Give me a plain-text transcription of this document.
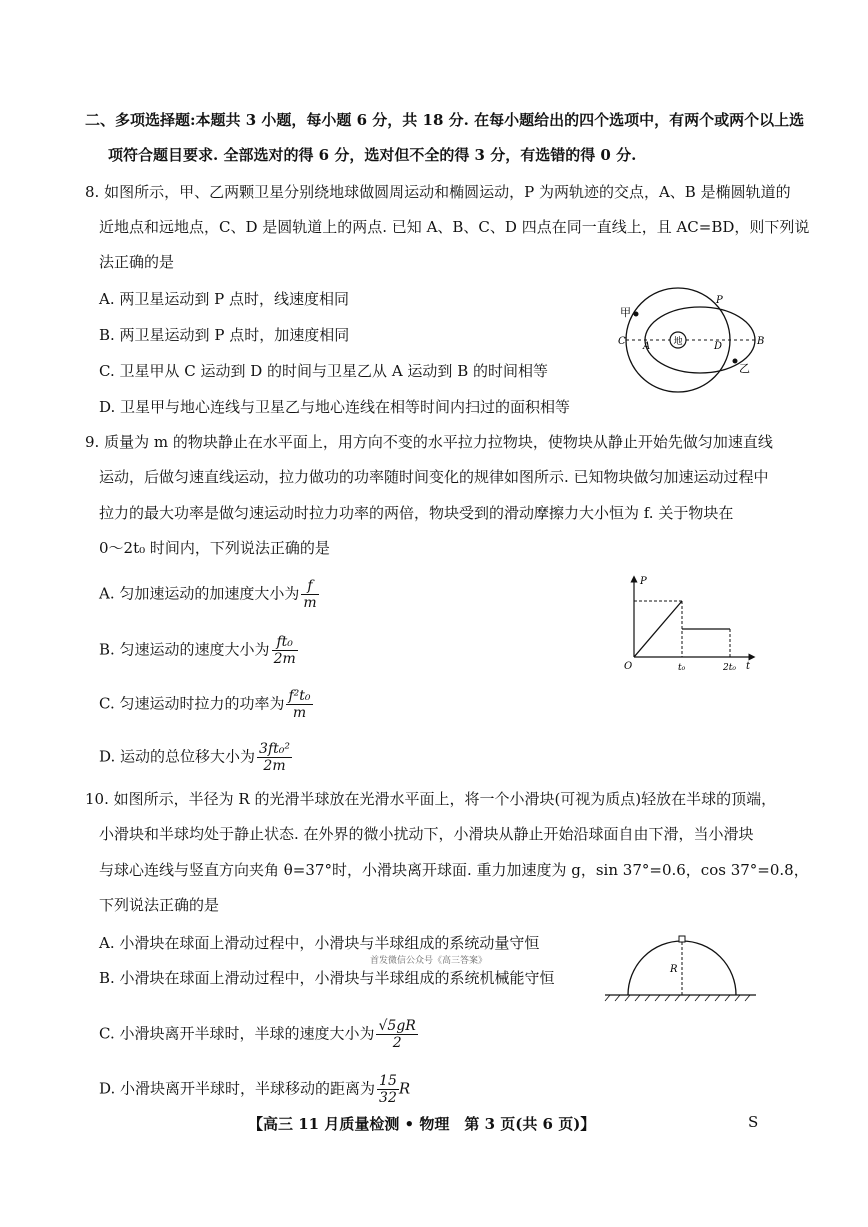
二、多项选择题:本题共 3 小题，每小题 6 分，共 18 分. 在每小题给出的四个选项中，有两个或两个以上选
项符合题目要求. 全部选对的得 6 分，选对但不全的得 3 分，有选错的得 0 分.
8. 如图所示，甲、乙两颗卫星分别绕地球做圆周运动和椭圆运动，P 为两轨迹的交点，A、B 是椭圆轨道的
近地点和远地点，C、D 是圆轨道上的两点. 已知 A、B、C、D 四点在同一直线上，且 AC=BD，则下列说
法正确的是
A. 两卫星运动到 P 点时，线速度相同
B. 两卫星运动到 P 点时，加速度相同
C. 卫星甲从 C 运动到 D 的时间与卫星乙从 A 运动到 B 的时间相等
D. 卫星甲与地心连线与卫星乙与地心连线在相等时间内扫过的面积相等
地
甲
乙
P
C A	D	B
9. 质量为 m 的物块静止在水平面上，用方向不变的水平拉力拉物块，使物块从静止开始先做匀加速直线
运动，后做匀速直线运动，拉力做功的功率随时间变化的规律如图所示. 已知物块做匀加速运动过程中
拉力的最大功率是做匀速运动时拉力功率的两倍，物块受到的滑动摩擦力大小恒为 f. 关于物块在
0～2t₀ 时间内，下列说法正确的是
A. 匀加速运动的加速度大小为 $\frac{f}{m}$
B. 匀速运动的速度大小为 $\frac{\text{ft₀}}{2m}$
C. 匀速运动时拉力的功率为 $\frac{\text{f²t₀}}{m}$
D. 运动的总位移大小为 $\frac{\text{3ft₀²}}{2m}$
P
O	t₀	2t₀ t
10. 如图所示，半径为 R 的光滑半球放在光滑水平面上，将一个小滑块(可视为质点)轻放在半球的顶端，
小滑块和半球均处于静止状态. 在外界的微小扰动下，小滑块从静止开始沿球面自由下滑，当小滑块
与球心连线与竖直方向夹角 θ=37°时，小滑块离开球面. 重力加速度为 g，sin 37°=0.6，cos 37°=0.8，
下列说法正确的是
A. 小滑块在球面上滑动过程中，小滑块与半球组成的系统动量守恒
首发微信公众号《高三答案》
B. 小滑块在球面上滑动过程中，小滑块与半球组成的系统机械能守恒
C. 小滑块离开半球时，半球的速度大小为 $\frac{√5gR}{2}$
D. 小滑块离开半球时，半球移动的距离为 $\frac{15}{32}$ R
R
【高三 11 月质量检测 • 物理　第 3 页(共 6 页)】	S
